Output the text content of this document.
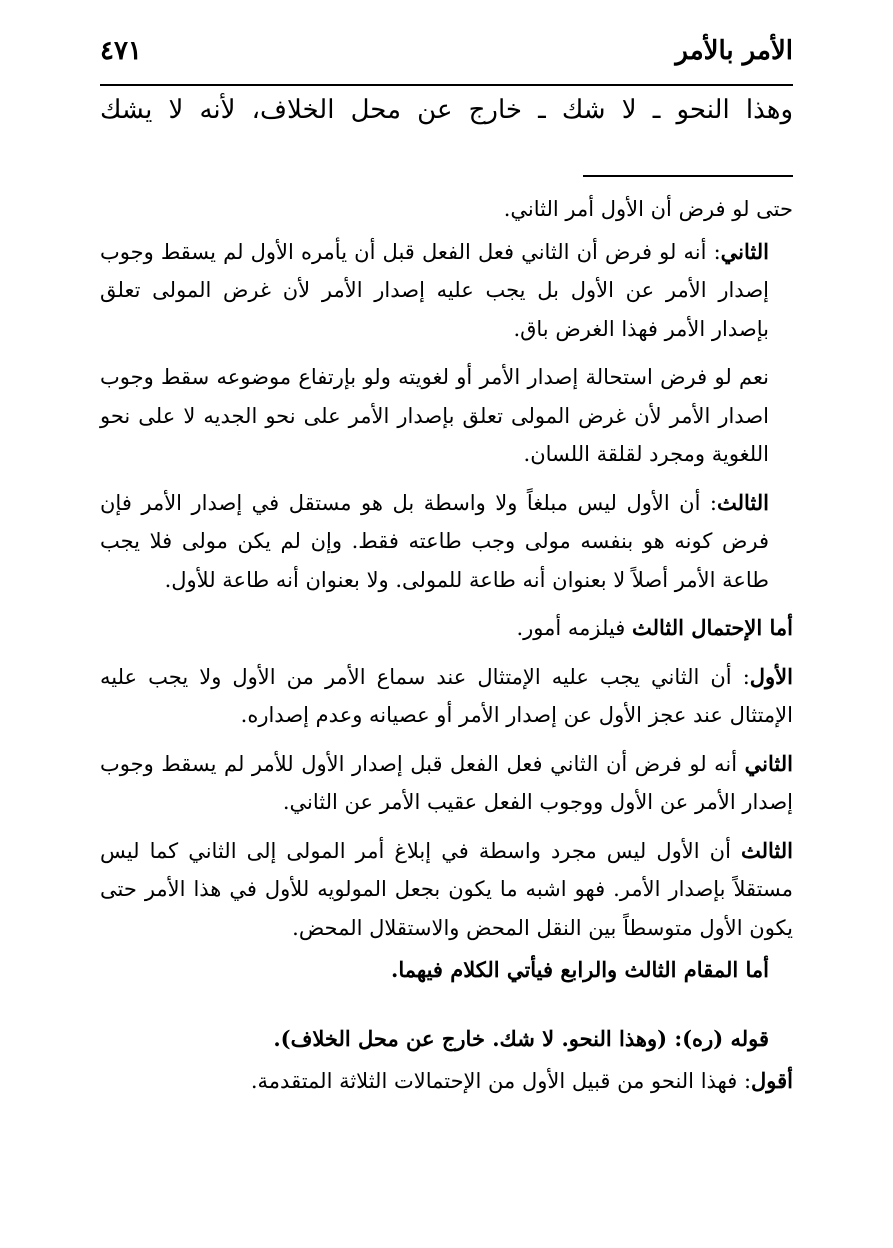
الأمر بالأمر
٤٧١
وهذا النحو ـ لا شك ـ خارج عن محل الخلاف، لأنه لا يشك

حتى لو فرض أن الأول أمر الثاني.

الثاني: أنه لو فرض أن الثاني فعل الفعل قبل أن يأمره الأول لم يسقط وجوب إصدار الأمر عن الأول بل يجب عليه إصدار الأمر لأن غرض المولى تعلق بإصدار الأمر فهذا الغرض باق.

نعم لو فرض استحالة إصدار الأمر أو لغويته ولو بإرتفاع موضوعه سقط وجوب اصدار الأمر لأن غرض المولى تعلق بإصدار الأمر على نحو الجديه لا على نحو اللغوية ومجرد لقلقة اللسان.

الثالث: أن الأول ليس مبلغاً ولا واسطة بل هو مستقل في إصدار الأمر فإن فرض كونه هو بنفسه مولى وجب طاعته فقط. وإن لم يكن مولى فلا يجب طاعة الأمر أصلاً لا بعنوان أنه طاعة للمولى. ولا بعنوان أنه طاعة للأول.

أما الإحتمال الثالث فيلزمه أمور.

الأول: أن الثاني يجب عليه الإمتثال عند سماع الأمر من الأول ولا يجب عليه الإمتثال عند عجز الأول عن إصدار الأمر أو عصيانه وعدم إصداره.

الثاني أنه لو فرض أن الثاني فعل الفعل قبل إصدار الأول للأمر لم يسقط وجوب إصدار الأمر عن الأول ووجوب الفعل عقيب الأمر عن الثاني.

الثالث أن الأول ليس مجرد واسطة في إبلاغ أمر المولى إلى الثاني كما ليس مستقلاً بإصدار الأمر. فهو اشبه ما يكون بجعل المولويه للأول في هذا الأمر حتى يكون الأول متوسطاً بين النقل المحض والاستقلال المحض.

أما المقام الثالث والرابع فيأتي الكلام فيهما.

قوله (ره): (وهذا النحو. لا شك. خارج عن محل الخلاف).

أقول: فهذا النحو من قبيل الأول من الإحتمالات الثلاثة المتقدمة.
